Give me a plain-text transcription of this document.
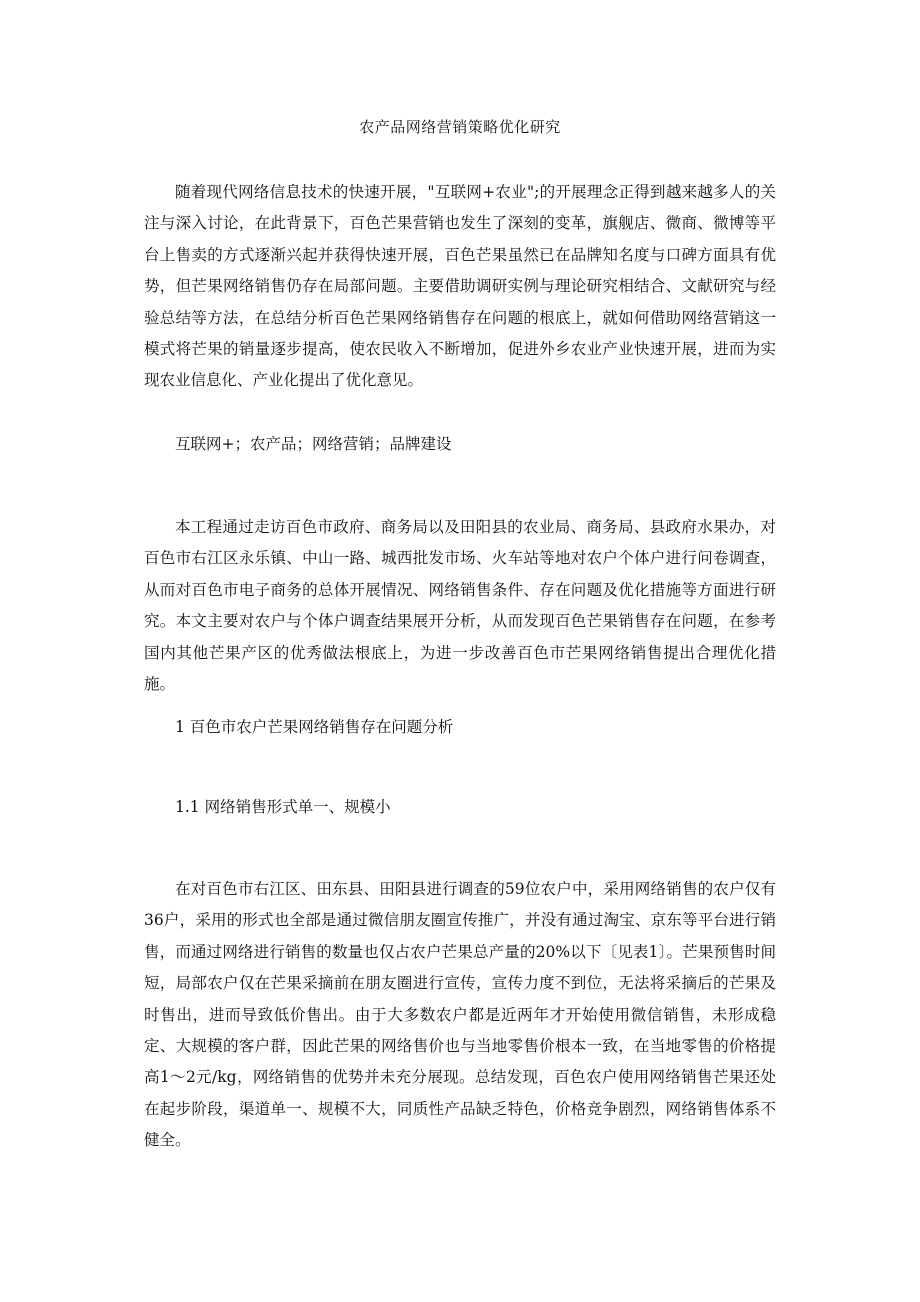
农产品网络营销策略优化研究
随着现代网络信息技术的快速开展，"互联网+农业";的开展理念正得到越来越多人的关注与深入讨论，在此背景下，百色芒果营销也发生了深刻的变革，旗舰店、微商、微博等平台上售卖的方式逐渐兴起并获得快速开展，百色芒果虽然已在品牌知名度与口碑方面具有优势，但芒果网络销售仍存在局部问题。主要借助调研实例与理论研究相结合、文献研究与经验总结等方法，在总结分析百色芒果网络销售存在问题的根底上，就如何借助网络营销这一模式将芒果的销量逐步提高，使农民收入不断增加，促进外乡农业产业快速开展，进而为实现农业信息化、产业化提出了优化意见。
互联网+；农产品；网络营销；品牌建设
本工程通过走访百色市政府、商务局以及田阳县的农业局、商务局、县政府水果办，对百色市右江区永乐镇、中山一路、城西批发市场、火车站等地对农户个体户进行问卷调查，从而对百色市电子商务的总体开展情况、网络销售条件、存在问题及优化措施等方面进行研究。本文主要对农户与个体户调查结果展开分析，从而发现百色芒果销售存在问题，在参考国内其他芒果产区的优秀做法根底上，为进一步改善百色市芒果网络销售提出合理优化措施。
1 百色市农户芒果网络销售存在问题分析
1.1 网络销售形式单一、规模小
在对百色市右江区、田东县、田阳县进行调查的59位农户中，采用网络销售的农户仅有36户，采用的形式也全部是通过微信朋友圈宣传推广，并没有通过淘宝、京东等平台进行销售，而通过网络进行销售的数量也仅占农户芒果总产量的20%以下〔见表1〕。芒果预售时间短，局部农户仅在芒果采摘前在朋友圈进行宣传，宣传力度不到位，无法将采摘后的芒果及时售出，进而导致低价售出。由于大多数农户都是近两年才开始使用微信销售，未形成稳定、大规模的客户群，因此芒果的网络售价也与当地零售价根本一致，在当地零售的价格提高1～2元/kg，网络销售的优势并未充分展现。总结发现，百色农户使用网络销售芒果还处在起步阶段，渠道单一、规模不大，同质性产品缺乏特色，价格竞争剧烈，网络销售体系不健全。
